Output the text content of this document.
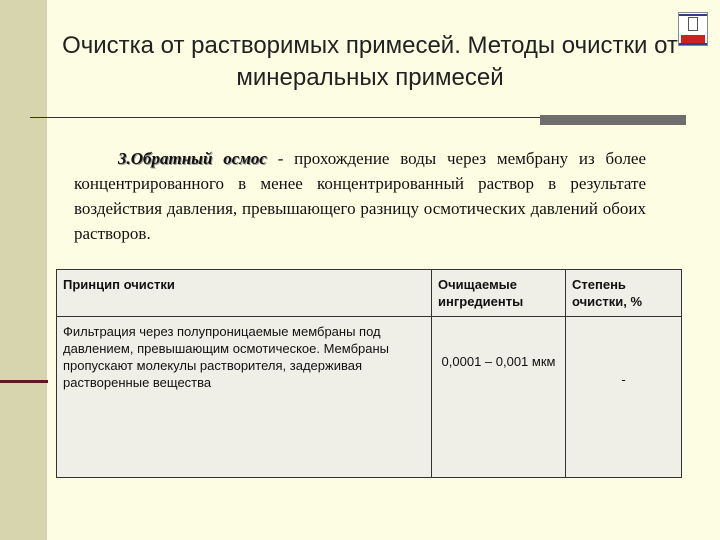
Очистка от растворимых примесей. Методы очистки от минеральных примесей

3.Обратный осмос - прохождение воды через мембрану из более концентрированного в менее концентрированный раствор в результате воздействия давления, превышающего разницу осмотических давлений обоих растворов.

Принцип очистки	Очищаемые ингредиенты	Степень очистки, %
Фильтрация через полупроницаемые мембраны под давлением, превышающим осмотическое. Мембраны пропускают молекулы растворителя, задерживая растворенные вещества	0,0001 – 0,001 мкм	-
